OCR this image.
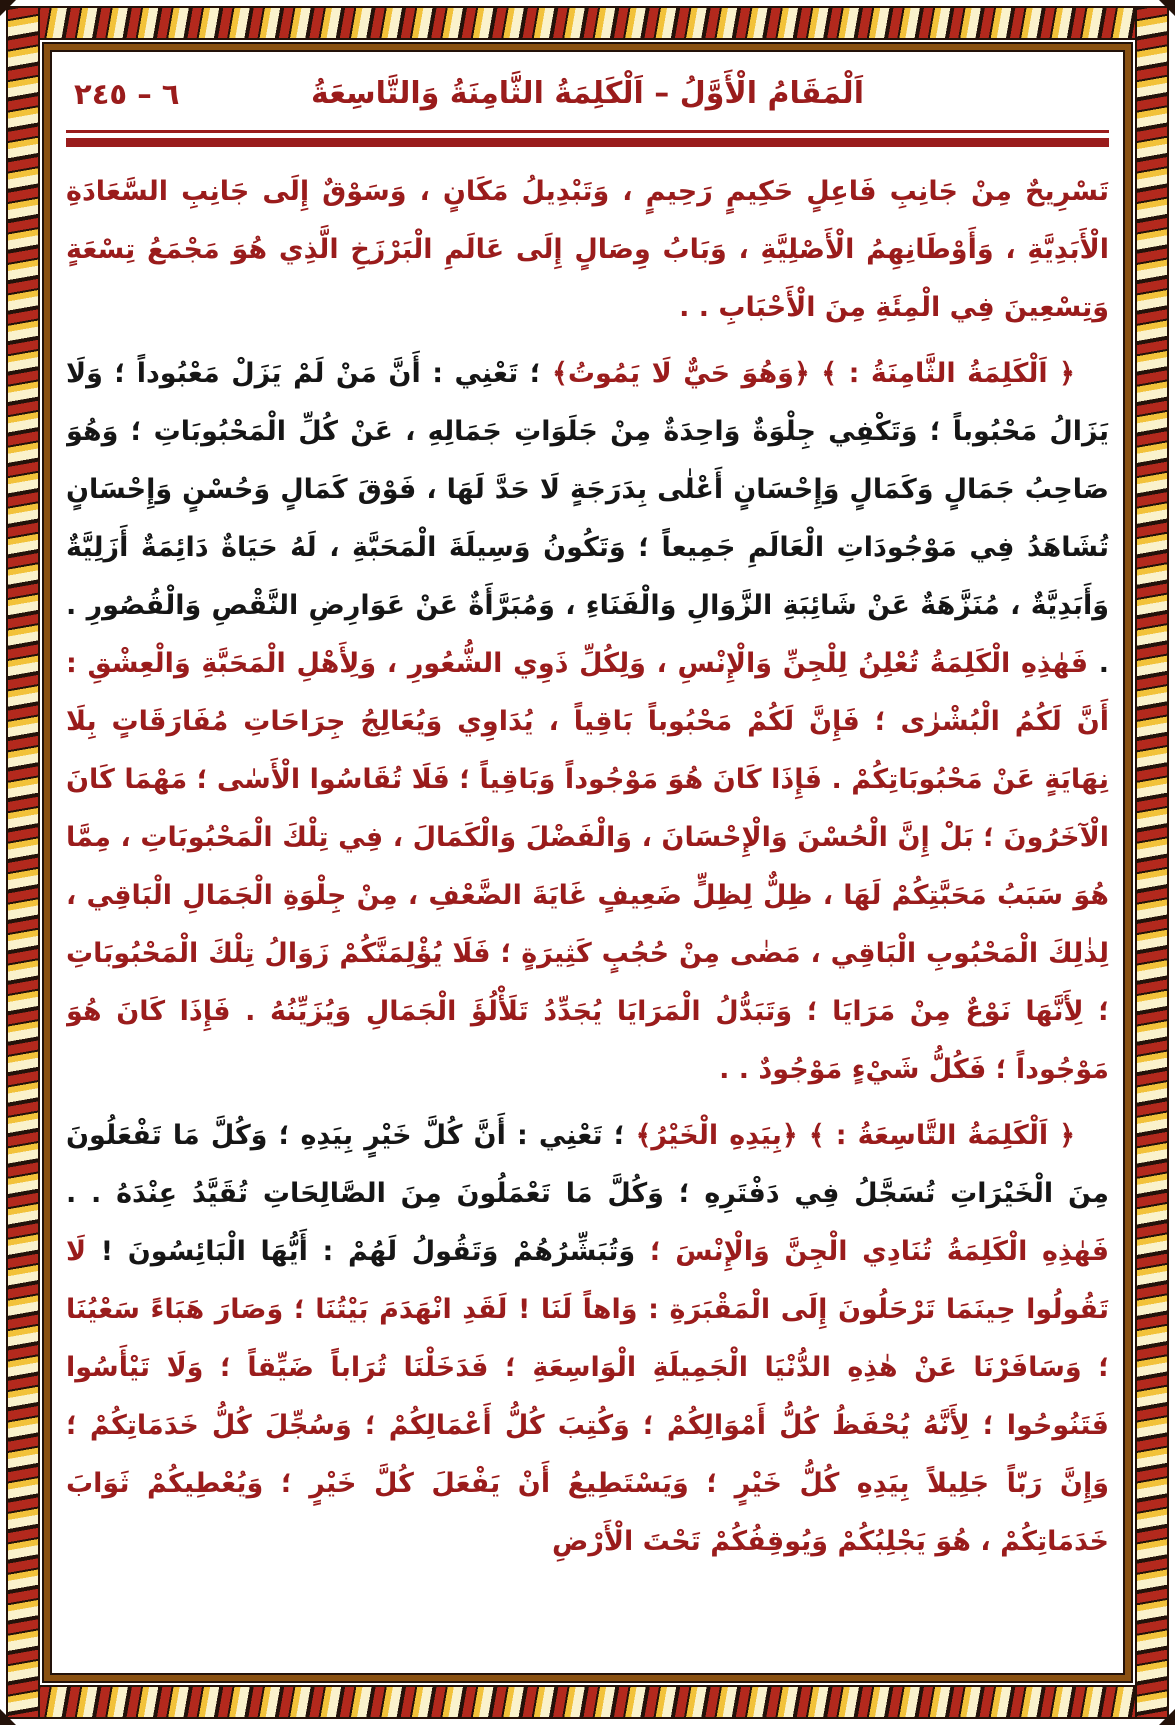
اَلْمَقَامُ الْأَوَّلُ – اَلْكَلِمَةُ الثَّامِنَةُ وَالتَّاسِعَةُ
٢٤٥ – ٦

تَسْرِيحٌ مِنْ جَانِبِ فَاعِلٍ حَكِيمٍ رَحِيمٍ ، وَتَبْدِيلُ مَكَانٍ ، وَسَوْقٌ إِلَى جَانِبِ السَّعَادَةِ الْأَبَدِيَّةِ ، وَأَوْطَانِهِمُ الْأَصْلِيَّةِ ، وَبَابُ وِصَالٍ إِلَى عَالَمِ الْبَرْزَخِ الَّذِي هُوَ مَجْمَعُ تِسْعَةٍ وَتِسْعِينَ فِي الْمِئَةِ مِنَ الْأَحْبَابِ . .

﴿ اَلْكَلِمَةُ الثَّامِنَةُ : ﴾ ﴿وَهُوَ حَيٌّ لَا يَمُوتُ﴾ ؛ تَعْنِي : أَنَّ مَنْ لَمْ يَزَلْ مَعْبُوداً ؛ وَلَا يَزَالُ مَحْبُوباً ؛ وَتَكْفِي جِلْوَةٌ وَاحِدَةٌ مِنْ جَلَوَاتِ جَمَالِهِ ، عَنْ كُلِّ الْمَحْبُوبَاتِ ؛ وَهُوَ صَاحِبُ جَمَالٍ وَكَمَالٍ وَإِحْسَانٍ أَعْلٰى بِدَرَجَةٍ لَا حَدَّ لَهَا ، فَوْقَ كَمَالٍ وَحُسْنٍ وَإِحْسَانٍ تُشَاهَدُ فِي مَوْجُودَاتِ الْعَالَمِ جَمِيعاً ؛ وَتَكُونُ وَسِيلَةَ الْمَحَبَّةِ ، لَهُ حَيَاةٌ دَائِمَةٌ أَزَلِيَّةٌ وَأَبَدِيَّةٌ ، مُنَزَّهَةٌ عَنْ شَائِبَةِ الزَّوَالِ وَالْفَنَاءِ ، وَمُبَرَّأَةٌ عَنْ عَوَارِضِ النَّقْصِ وَالْقُصُورِ . . فَهٰذِهِ الْكَلِمَةُ تُعْلِنُ لِلْجِنِّ وَالْإِنْسِ ، وَلِكُلِّ ذَوِي الشُّعُورِ ، وَلِأَهْلِ الْمَحَبَّةِ وَالْعِشْقِ : أَنَّ لَكُمُ الْبُشْرٰى ؛ فَإِنَّ لَكُمْ مَحْبُوباً بَاقِياً ، يُدَاوِي وَيُعَالِجُ جِرَاحَاتِ مُفَارَقَاتٍ بِلَا نِهَايَةٍ عَنْ مَحْبُوبَاتِكُمْ . فَإِذَا كَانَ هُوَ مَوْجُوداً وَبَاقِياً ؛ فَلَا تُقَاسُوا الْأَسٰى ؛ مَهْمَا كَانَ الْآخَرُونَ ؛ بَلْ إِنَّ الْحُسْنَ وَالْإِحْسَانَ ، وَالْفَضْلَ وَالْكَمَالَ ، فِي تِلْكَ الْمَحْبُوبَاتِ ، مِمَّا هُوَ سَبَبُ مَحَبَّتِكُمْ لَهَا ، ظِلٌّ لِظِلٍّ ضَعِيفٍ غَايَةَ الضَّعْفِ ، مِنْ جِلْوَةِ الْجَمَالِ الْبَاقِي ، لِذٰلِكَ الْمَحْبُوبِ الْبَاقِي ، مَضٰى مِنْ حُجُبٍ كَثِيرَةٍ ؛ فَلَا يُؤْلِمَنَّكُمْ زَوَالُ تِلْكَ الْمَحْبُوبَاتِ ؛ لِأَنَّهَا نَوْعٌ مِنْ مَرَايَا ؛ وَتَبَدُّلُ الْمَرَايَا يُجَدِّدُ تَلَأْلُؤَ الْجَمَالِ وَيُزَيِّنُهُ . فَإِذَا كَانَ هُوَ مَوْجُوداً ؛ فَكُلُّ شَيْءٍ مَوْجُودٌ . .

﴿ اَلْكَلِمَةُ التَّاسِعَةُ : ﴾ ﴿بِيَدِهِ الْخَيْرُ﴾ ؛ تَعْنِي : أَنَّ كُلَّ خَيْرٍ بِيَدِهِ ؛ وَكُلَّ مَا تَفْعَلُونَ مِنَ الْخَيْرَاتِ تُسَجَّلُ فِي دَفْتَرِهِ ؛ وَكُلَّ مَا تَعْمَلُونَ مِنَ الصَّالِحَاتِ تُقَيَّدُ عِنْدَهُ . . فَهٰذِهِ الْكَلِمَةُ تُنَادِي الْجِنَّ وَالْإِنْسَ ؛ وَتُبَشِّرُهُمْ وَتَقُولُ لَهُمْ : أَيُّهَا الْبَائِسُونَ ! لَا تَقُولُوا حِينَمَا تَرْحَلُونَ إِلَى الْمَقْبَرَةِ : وَاهاً لَنَا ! لَقَدِ انْهَدَمَ بَيْتُنَا ؛ وَصَارَ هَبَاءً سَعْيُنَا ؛ وَسَافَرْنَا عَنْ هٰذِهِ الدُّنْيَا الْجَمِيلَةِ الْوَاسِعَةِ ؛ فَدَخَلْنَا تُرَاباً ضَيِّقاً ؛ وَلَا تَيْأَسُوا فَتَنُوحُوا ؛ لِأَنَّهُ يُحْفَظُ كُلُّ أَمْوَالِكُمْ ؛ وَكُتِبَ كُلُّ أَعْمَالِكُمْ ؛ وَسُجِّلَ كُلُّ خَدَمَاتِكُمْ ؛ وَإِنَّ رَبّاً جَلِيلاً بِيَدِهِ كُلُّ خَيْرٍ ؛ وَيَسْتَطِيعُ أَنْ يَفْعَلَ كُلَّ خَيْرٍ ؛ وَيُعْطِيكُمْ ثَوَابَ خَدَمَاتِكُمْ ، هُوَ يَجْلِبُكُمْ وَيُوقِفُكُمْ تَحْتَ الْأَرْضِ
